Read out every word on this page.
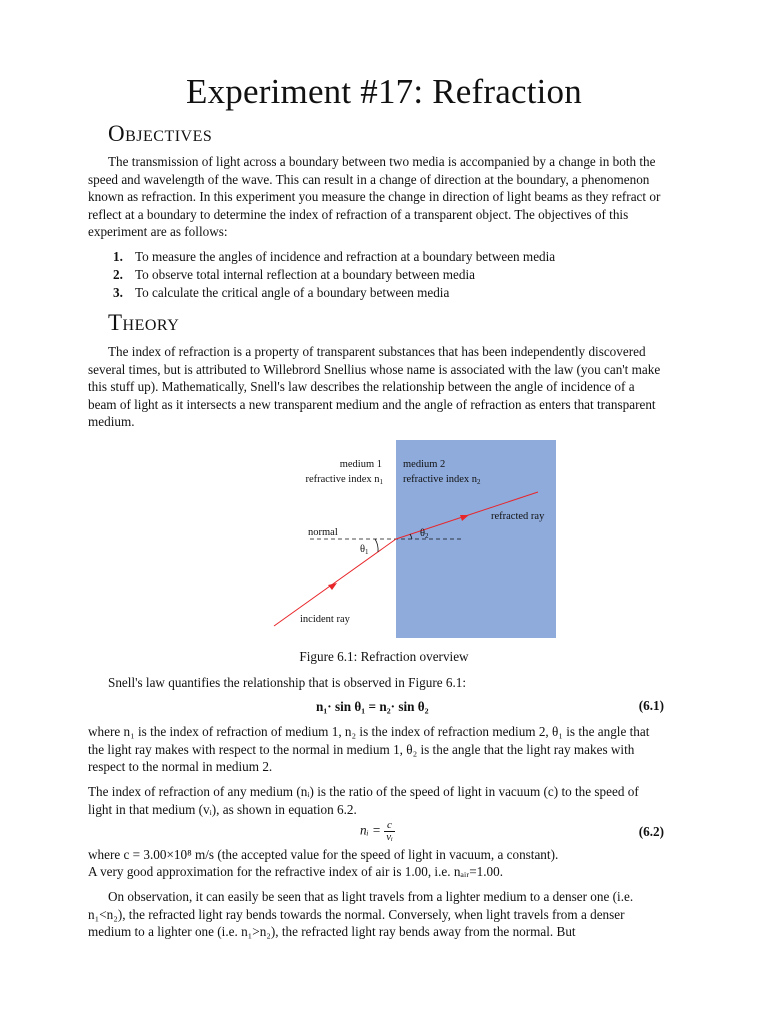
Experiment #17: Refraction
Objectives
The transmission of light across a boundary between two media is accompanied by a change in both the speed and wavelength of the wave. This can result in a change of direction at the boundary, a phenomenon known as refraction. In this experiment you measure the change in direction of light beams as they refract or reflect at a boundary to determine the index of refraction of a transparent object. The objectives of this experiment are as follows:
1. To measure the angles of incidence and refraction at a boundary between media
2. To observe total internal reflection at a boundary between media
3. To calculate the critical angle of a boundary between media
Theory
The index of refraction is a property of transparent substances that has been independently discovered several times, but is attributed to Willebrord Snellius whose name is associated with the law (you can't make this stuff up). Mathematically, Snell's law describes the relationship between the angle of incidence of a beam of light as it intersects a new transparent medium and the angle of refraction as enters that transparent medium.
medium 1
refractive index n1
medium 2
refractive index n2
normal
θ1
θ2
refracted ray
incident ray
Figure 6.1: Refraction overview
Snell's law quantifies the relationship that is observed in Figure 6.1:
n₁· sin θ₁ = n₂· sin θ₂	(6.1)
where n₁ is the index of refraction of medium 1, n₂ is the index of refraction medium 2, θ₁ is the angle that the light ray makes with respect to the normal in medium 1, θ₂ is the angle that the light ray makes with respect to the normal in medium 2.
The index of refraction of any medium (nᵢ) is the ratio of the speed of light in vacuum (c) to the speed of light in that medium (vᵢ), as shown in equation 6.2.
nᵢ = $\frac{c}{\text{vᵢ}}$	(6.2)
where c = 3.00×10⁸ m/s (the accepted value for the speed of light in vacuum, a constant).
A very good approximation for the refractive index of air is 1.00, i.e. nₐᵢᵣ=1.00.
On observation, it can easily be seen that as light travels from a lighter medium to a denser one (i.e. n₁<n₂), the refracted light ray bends towards the normal. Conversely, when light travels from a denser medium to a lighter one (i.e. n₁>n₂), the refracted light ray bends away from the normal. But
